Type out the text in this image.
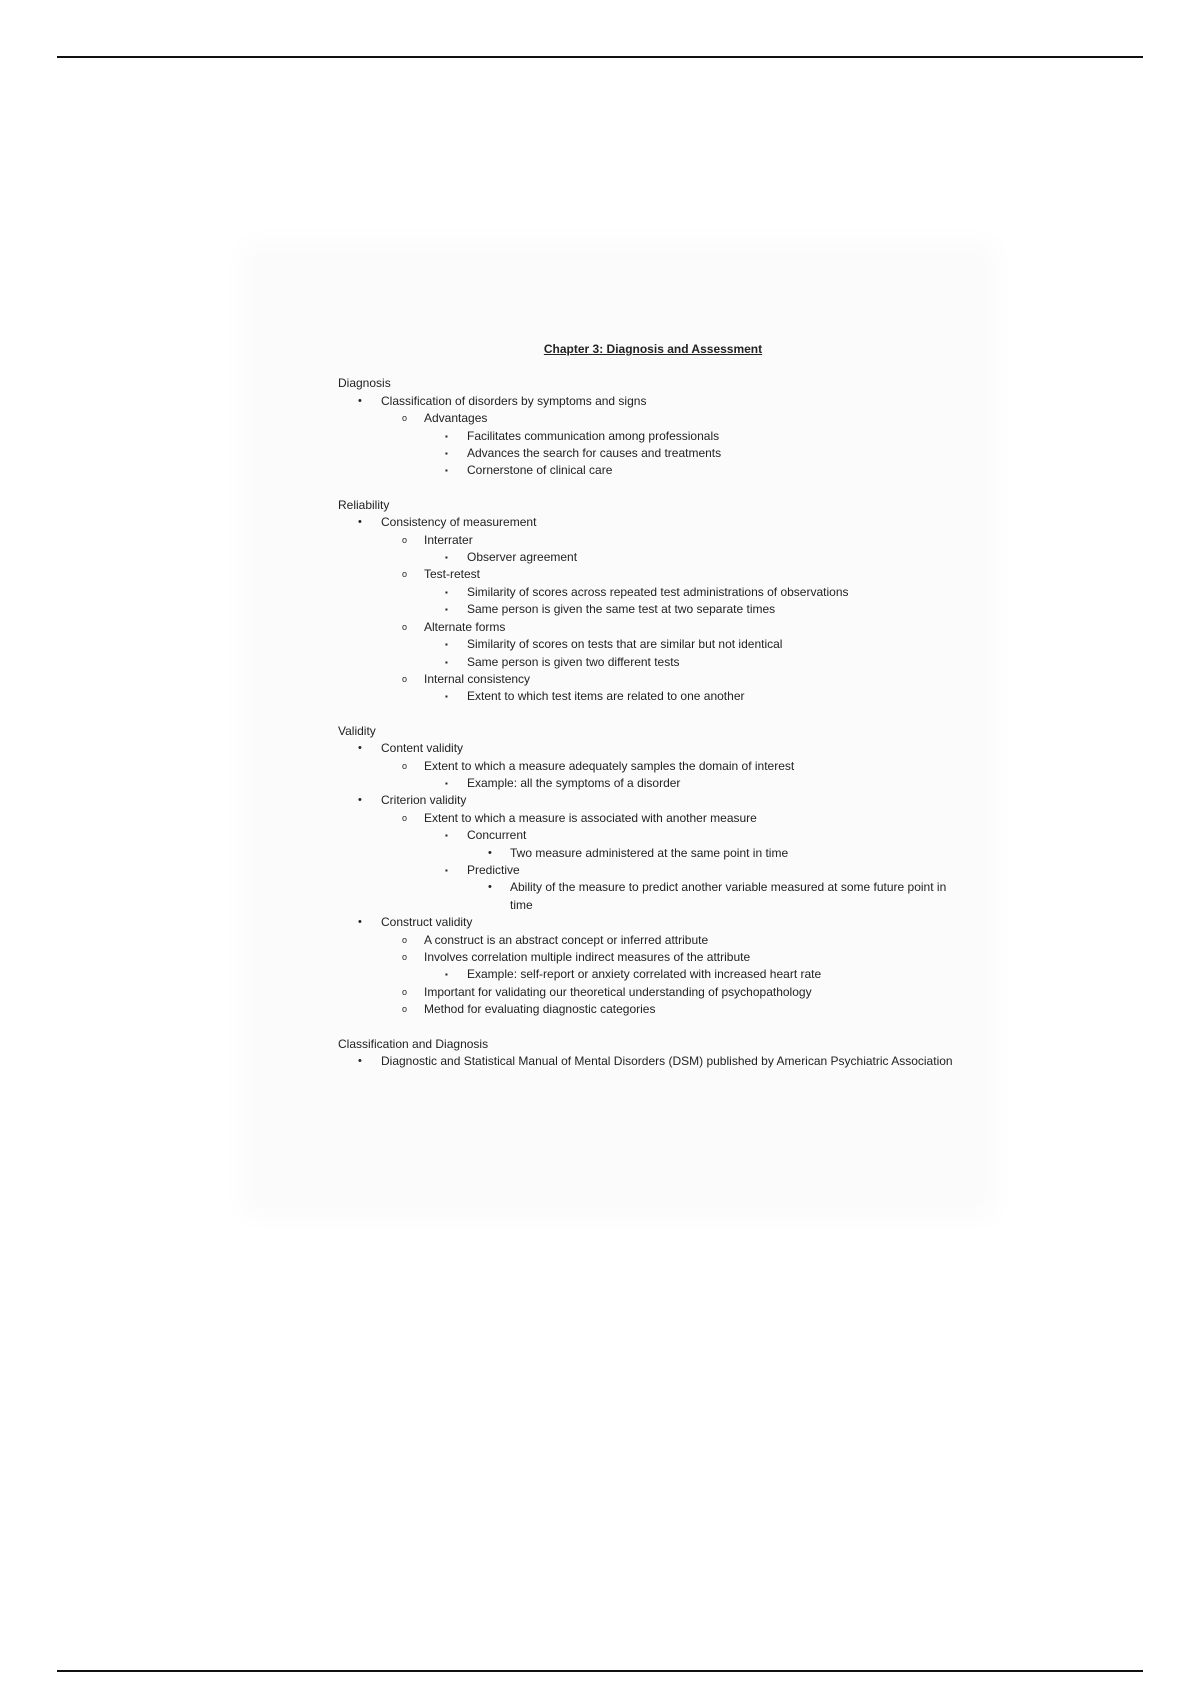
Chapter 3: Diagnosis and Assessment
Diagnosis
• Classification of disorders by symptoms and signs
o Advantages
▪ Facilitates communication among professionals
▪ Advances the search for causes and treatments
▪ Cornerstone of clinical care
Reliability
• Consistency of measurement
o Interrater
▪ Observer agreement
o Test-retest
▪ Similarity of scores across repeated test administrations of observations
▪ Same person is given the same test at two separate times
o Alternate forms
▪ Similarity of scores on tests that are similar but not identical
▪ Same person is given two different tests
o Internal consistency
▪ Extent to which test items are related to one another
Validity
• Content validity
o Extent to which a measure adequately samples the domain of interest
▪ Example: all the symptoms of a disorder
• Criterion validity
o Extent to which a measure is associated with another measure
▪ Concurrent
• Two measure administered at the same point in time
▪ Predictive
• Ability of the measure to predict another variable measured at some future point in time
• Construct validity
o A construct is an abstract concept or inferred attribute
o Involves correlation multiple indirect measures of the attribute
▪ Example: self-report or anxiety correlated with increased heart rate
o Important for validating our theoretical understanding of psychopathology
o Method for evaluating diagnostic categories
Classification and Diagnosis
• Diagnostic and Statistical Manual of Mental Disorders (DSM) published by American Psychiatric Association
